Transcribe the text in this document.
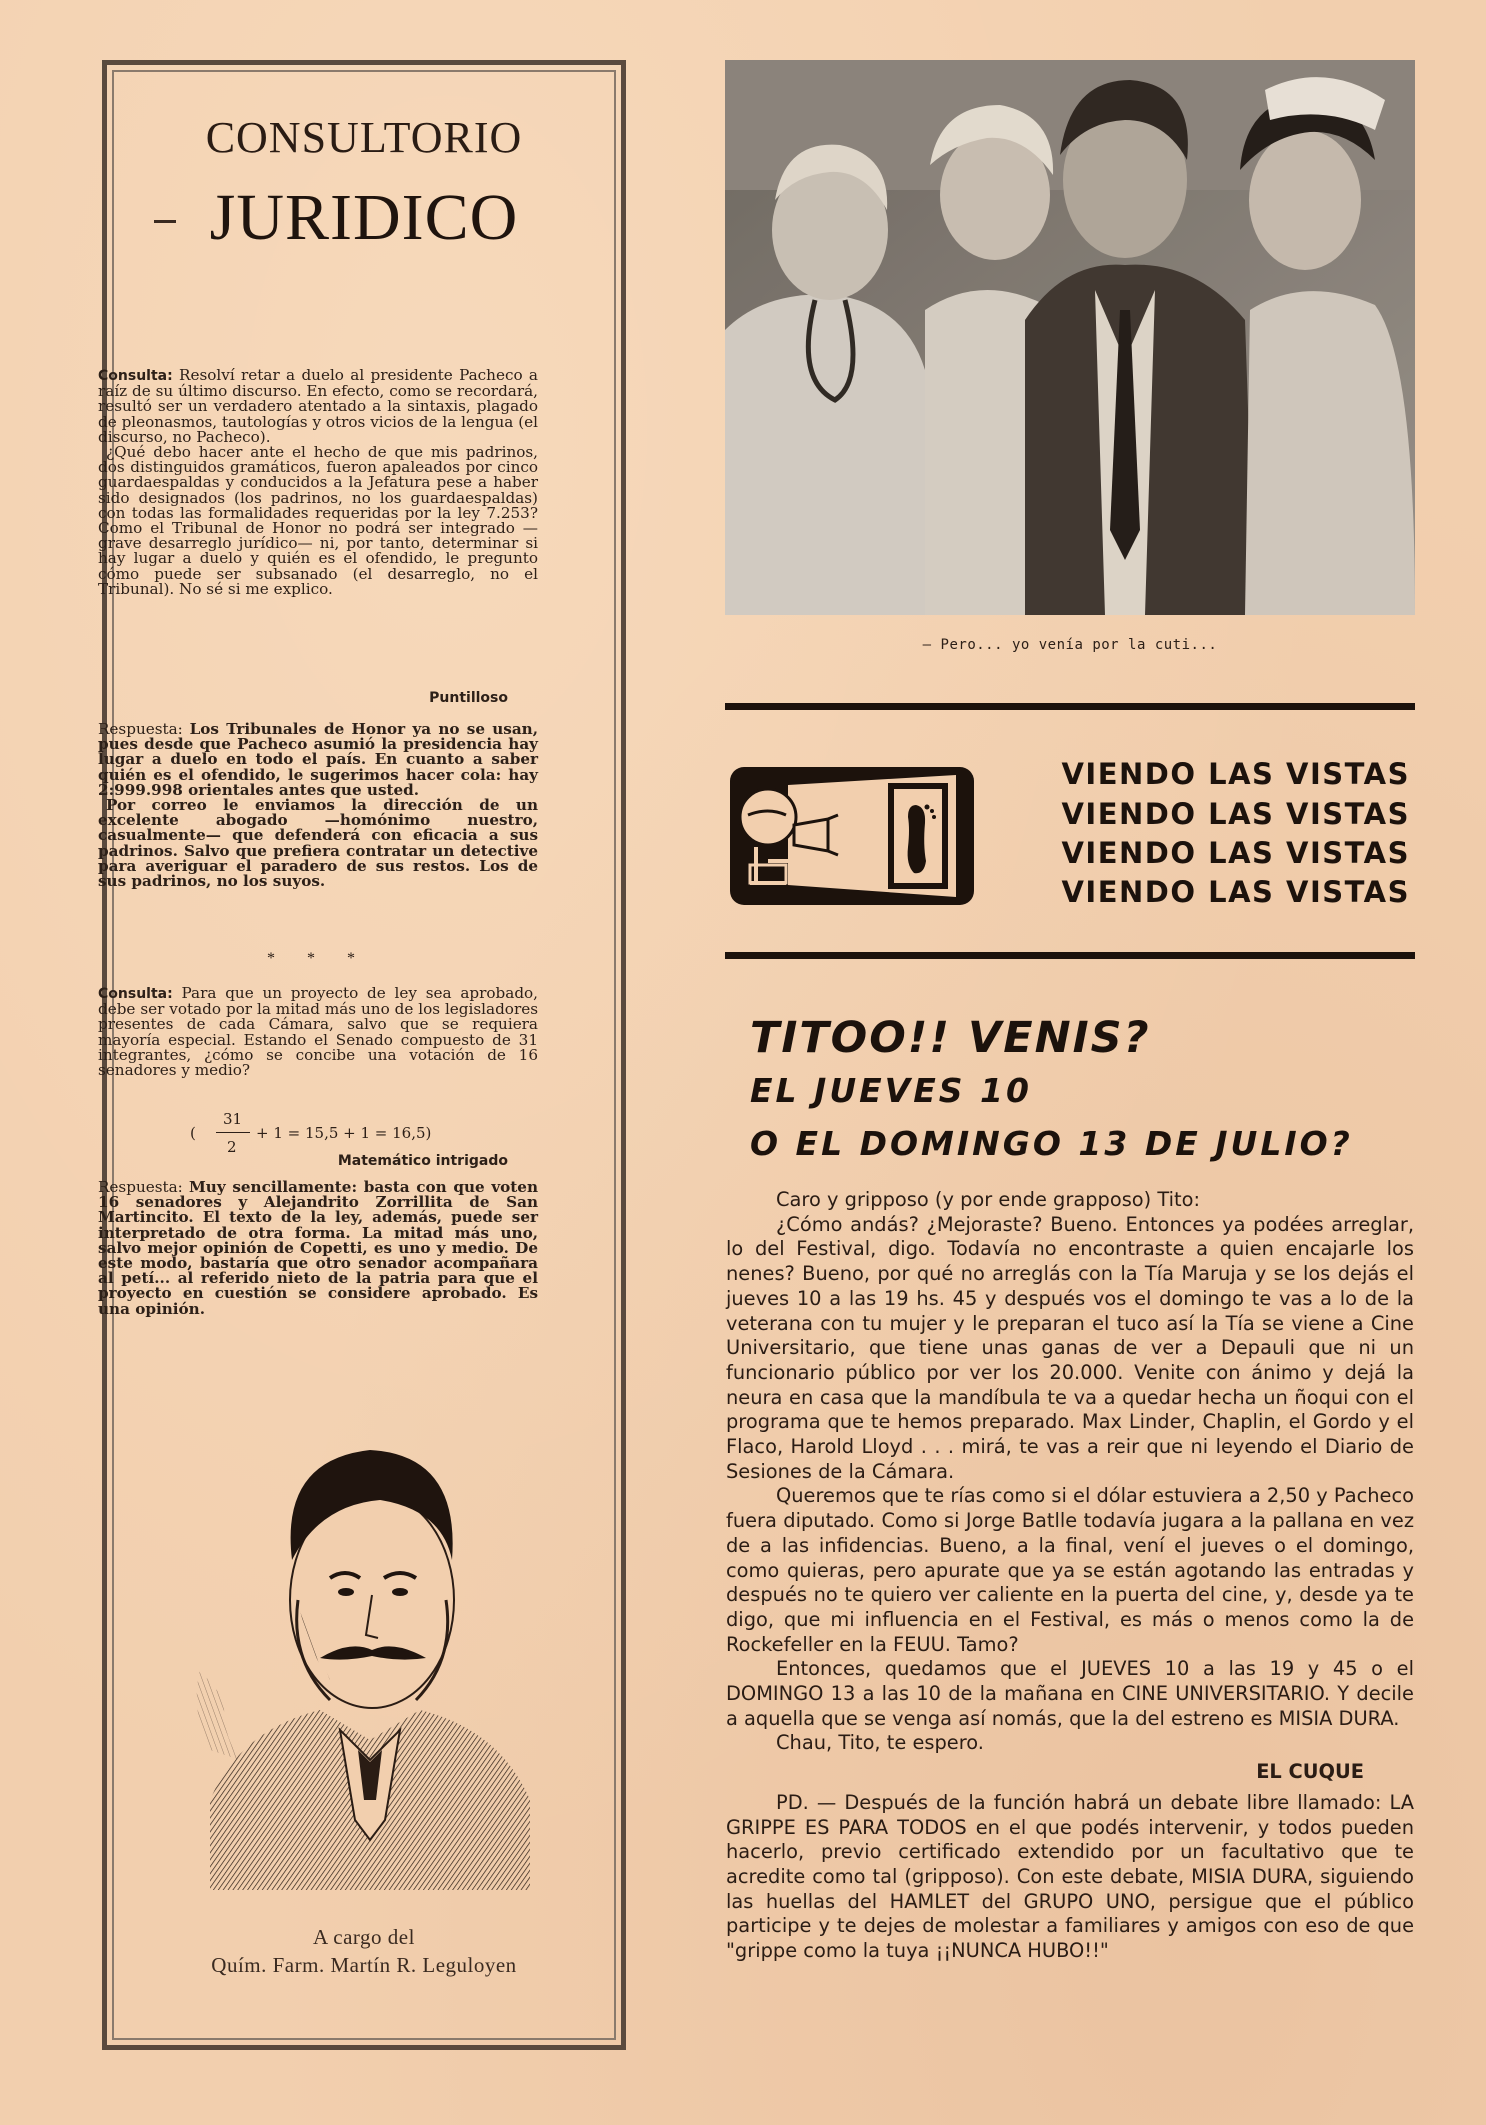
CONSULTORIO
JURIDICO
Consulta: Resolví retar a duelo al presidente Pacheco a raíz de su último discurso. En efecto, como se recordará, resultó ser un verdadero atentado a la sintaxis, plagado de pleonasmos, tautologías y otros vicios de la lengua (el discurso, no Pacheco).
¿Qué debo hacer ante el hecho de que mis padrinos, dos distinguidos gramáticos, fueron apaleados por cinco guardaespaldas y conducidos a la Jefatura pese a haber sido designados (los padrinos, no los guardaespaldas) con todas las formalidades requeridas por la ley 7.253? Como el Tribunal de Honor no podrá ser integrado —grave desarreglo jurídico— ni, por tanto, determinar si hay lugar a duelo y quién es el ofendido, le pregunto cómo puede ser subsanado (el desarreglo, no el Tribunal). No sé si me explico.
Puntilloso
Respuesta: Los Tribunales de Honor ya no se usan, pues desde que Pacheco asumió la presidencia hay lugar a duelo en todo el país. En cuanto a saber quién es el ofendido, le sugerimos hacer cola: hay 2:999.998 orientales antes que usted.
Por correo le enviamos la dirección de un excelente abogado —homónimo nuestro, casualmente— que defenderá con eficacia a sus padrinos. Salvo que prefiera contratar un detective para averiguar el paradero de sus restos. Los de sus padrinos, no los suyos.
* * *
Consulta: Para que un proyecto de ley sea aprobado, debe ser votado por la mitad más uno de los legisladores presentes de cada Cámara, salvo que se requiera mayoría especial. Estando el Senado compuesto de 31 integrantes, ¿cómo se concibe una votación de 16 senadores y medio?
31
(	+ 1 = 15,5 + 1 = 16,5)
2
Matemático intrigado
Respuesta: Muy sencillamente: basta con que voten 16 senadores y Alejandrito Zorrillita de San Martincito. El texto de la ley, además, puede ser interpretado de otra forma. La mitad más uno, salvo mejor opinión de Copetti, es uno y medio. De este modo, bastaría que otro senador acompañara al petí... al referido nieto de la patria para que el proyecto en cuestión se considere aprobado. Es una opinión.
A cargo del
Quím. Farm. Martín R. Leguloyen
— Pero... yo venía por la cuti...
VIENDO LAS VISTAS
VIENDO LAS VISTAS
VIENDO LAS VISTAS
VIENDO LAS VISTAS
TITOO!! VENIS?
EL JUEVES 10
O EL DOMINGO 13 DE JULIO?

Caro y gripposo (y por ende grapposo) Tito:

¿Cómo andás? ¿Mejoraste? Bueno. Entonces ya podées arreglar, lo del Festival, digo. Todavía no encontraste a quien encajarle los nenes? Bueno, por qué no arreglás con la Tía Maruja y se los dejás el jueves 10 a las 19 hs. 45 y después vos el domingo te vas a lo de la veterana con tu mujer y le preparan el tuco así la Tía se viene a Cine Universitario, que tiene unas ganas de ver a Depauli que ni un funcionario público por ver los 20.000. Venite con ánimo y dejá la neura en casa que la mandíbula te va a quedar hecha un ñoqui con el programa que te hemos preparado. Max Linder, Chaplin, el Gordo y el Flaco, Harold Lloyd . . . mirá, te vas a reir que ni leyendo el Diario de Sesiones de la Cámara.

Queremos que te rías como si el dólar estuviera a 2,50 y Pacheco fuera diputado. Como si Jorge Batlle todavía jugara a la pallana en vez de a las infidencias. Bueno, a la final, vení el jueves o el domingo, como quieras, pero apurate que ya se están agotando las entradas y después no te quiero ver caliente en la puerta del cine, y, desde ya te digo, que mi influencia en el Festival, es más o menos como la de Rockefeller en la FEUU. Tamo?

Entonces, quedamos que el JUEVES 10 a las 19 y 45 o el DOMINGO 13 a las 10 de la mañana en CINE UNIVERSITARIO. Y decile a aquella que se venga así nomás, que la del estreno es MISIA DURA.

Chau, Tito, te espero.

EL CUQUE

PD. — Después de la función habrá un debate libre llamado: LA GRIPPE ES PARA TODOS en el que podés intervenir, y todos pueden hacerlo, previo certificado extendido por un facultativo que te acredite como tal (gripposo). Con este debate, MISIA DURA, siguiendo las huellas del HAMLET del GRUPO UNO, persigue que el público participe y te dejes de molestar a familiares y amigos con eso de que "grippe como la tuya ¡¡NUNCA HUBO!!"
